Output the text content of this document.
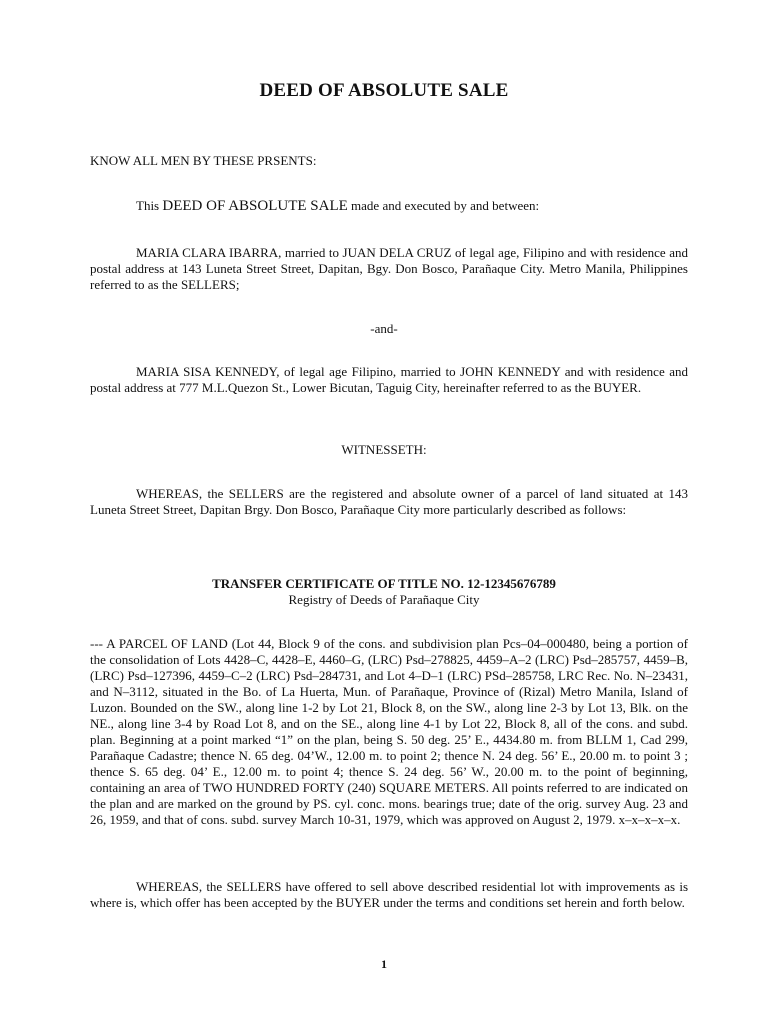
DEED OF ABSOLUTE SALE
KNOW ALL MEN BY THESE PRSENTS:
This DEED OF ABSOLUTE SALE made and executed by and between:
MARIA CLARA IBARRA, married to JUAN DELA CRUZ of legal age, Filipino and with residence and postal address at 143 Luneta Street Street, Dapitan, Bgy. Don Bosco, Parañaque City. Metro Manila, Philippines referred to as the SELLERS;
-and-
MARIA SISA KENNEDY, of legal age Filipino, married to JOHN KENNEDY and with residence and postal address at 777 M.L.Quezon St., Lower Bicutan, Taguig City, hereinafter referred to as the BUYER.
WITNESSETH:
WHEREAS, the SELLERS are the registered and absolute owner of a parcel of land situated at 143 Luneta Street Street, Dapitan Brgy. Don Bosco, Parañaque City more particularly described as follows:
TRANSFER CERTIFICATE OF TITLE NO. 12-12345676789
Registry of Deeds of Parañaque City
--- A PARCEL OF LAND (Lot 44, Block 9 of the cons. and subdivision plan Pcs–04–000480, being a portion of the consolidation of Lots 4428–C, 4428–E, 4460–G, (LRC) Psd–278825, 4459–A–2 (LRC) Psd–285757, 4459–B, (LRC) Psd–127396, 4459–C–2 (LRC) Psd–284731, and Lot 4–D–1 (LRC) PSd–285758, LRC Rec. No. N–23431, and N–3112, situated in the Bo. of La Huerta, Mun. of Parañaque, Province of (Rizal) Metro Manila, Island of Luzon. Bounded on the SW., along line 1-2 by Lot 21, Block 8, on the SW., along line 2-3 by Lot 13, Blk. on the NE., along line 3-4 by Road Lot 8, and on the SE., along line 4-1 by Lot 22, Block 8, all of the cons. and subd. plan. Beginning at a point marked “1” on the plan, being S. 50 deg. 25’ E., 4434.80 m. from BLLM 1, Cad 299, Parañaque Cadastre; thence N. 65 deg. 04’W., 12.00 m. to point 2; thence N. 24 deg. 56’ E., 20.00 m. to point 3 ; thence S. 65 deg. 04’ E., 12.00 m. to point 4; thence S. 24 deg. 56’ W., 20.00 m. to the point of beginning, containing an area of TWO HUNDRED FORTY (240) SQUARE METERS. All points referred to are indicated on the plan and are marked on the ground by PS. cyl. conc. mons. bearings true; date of the orig. survey Aug. 23 and 26, 1959, and that of cons. subd. survey March 10-31, 1979, which was approved on August 2, 1979. x–x–x–x–x.
WHEREAS, the SELLERS have offered to sell above described residential lot with improvements as is where is, which offer has been accepted by the BUYER under the terms and conditions set herein and forth below.
1
